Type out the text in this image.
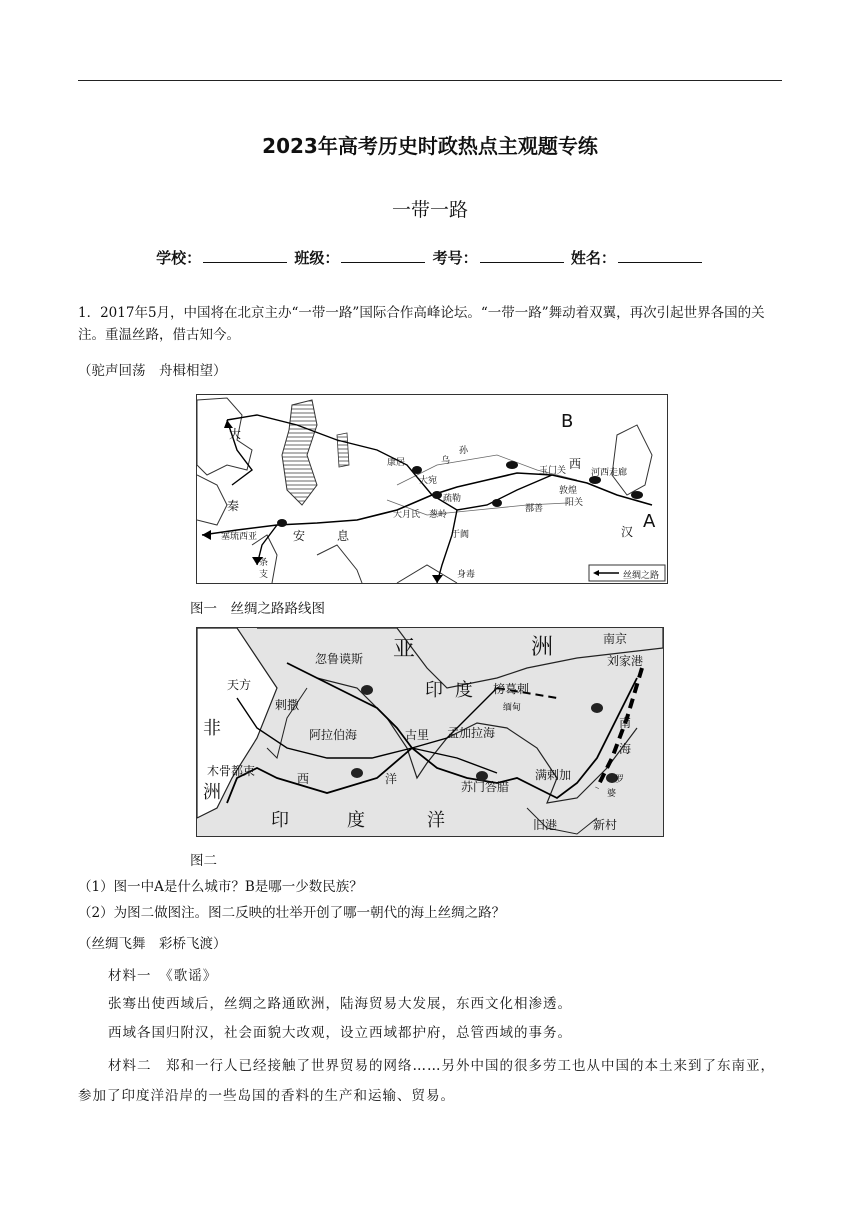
2023年高考历史时政热点主观题专练
一带一路
学校：	班级：	考号：	姓名：
1．2017年5月，中国将在北京主办“一带一路”国际合作高峰论坛。“一带一路”舞动着双翼，再次引起世界各国的关注。重温丝路，借古知今。
（驼声回荡　舟楫相望）
B
A
西
汉
大
秦
康居	乌
孙
大宛
疏勒
玉门关
敦煌
阳关
河西走廊
鄯善
葱岭
大月氏
于阗
塞琉西亚	安	息
条
支	身毒	丝绸之路
图一　丝绸之路路线图
亚	洲
印 度
南京
刘家港
忽鲁谟斯
天方
剌撒
阿拉伯海	古里 孟加拉海
榜葛剌
缅甸
非
洲
木骨都束
西	洋
苏门答腊
满剌加
南
海
罗
婆
印	度	洋	旧港	新村
图二
（1）图一中A是什么城市？B是哪一少数民族？
（2）为图二做图注。图二反映的壮举开创了哪一朝代的海上丝绸之路？
（丝绸飞舞　彩桥飞渡）
材料一　《歌谣》
张骞出使西域后，丝绸之路通欧洲，陆海贸易大发展，东西文化相渗透。
西域各国归附汉，社会面貌大改观，设立西域都护府，总管西域的事务。
材料二　郑和一行人已经接触了世界贸易的网络……另外中国的很多劳工也从中国的本土来到了东南亚，参加了印度洋沿岸的一些岛国的香料的生产和运输、贸易。
